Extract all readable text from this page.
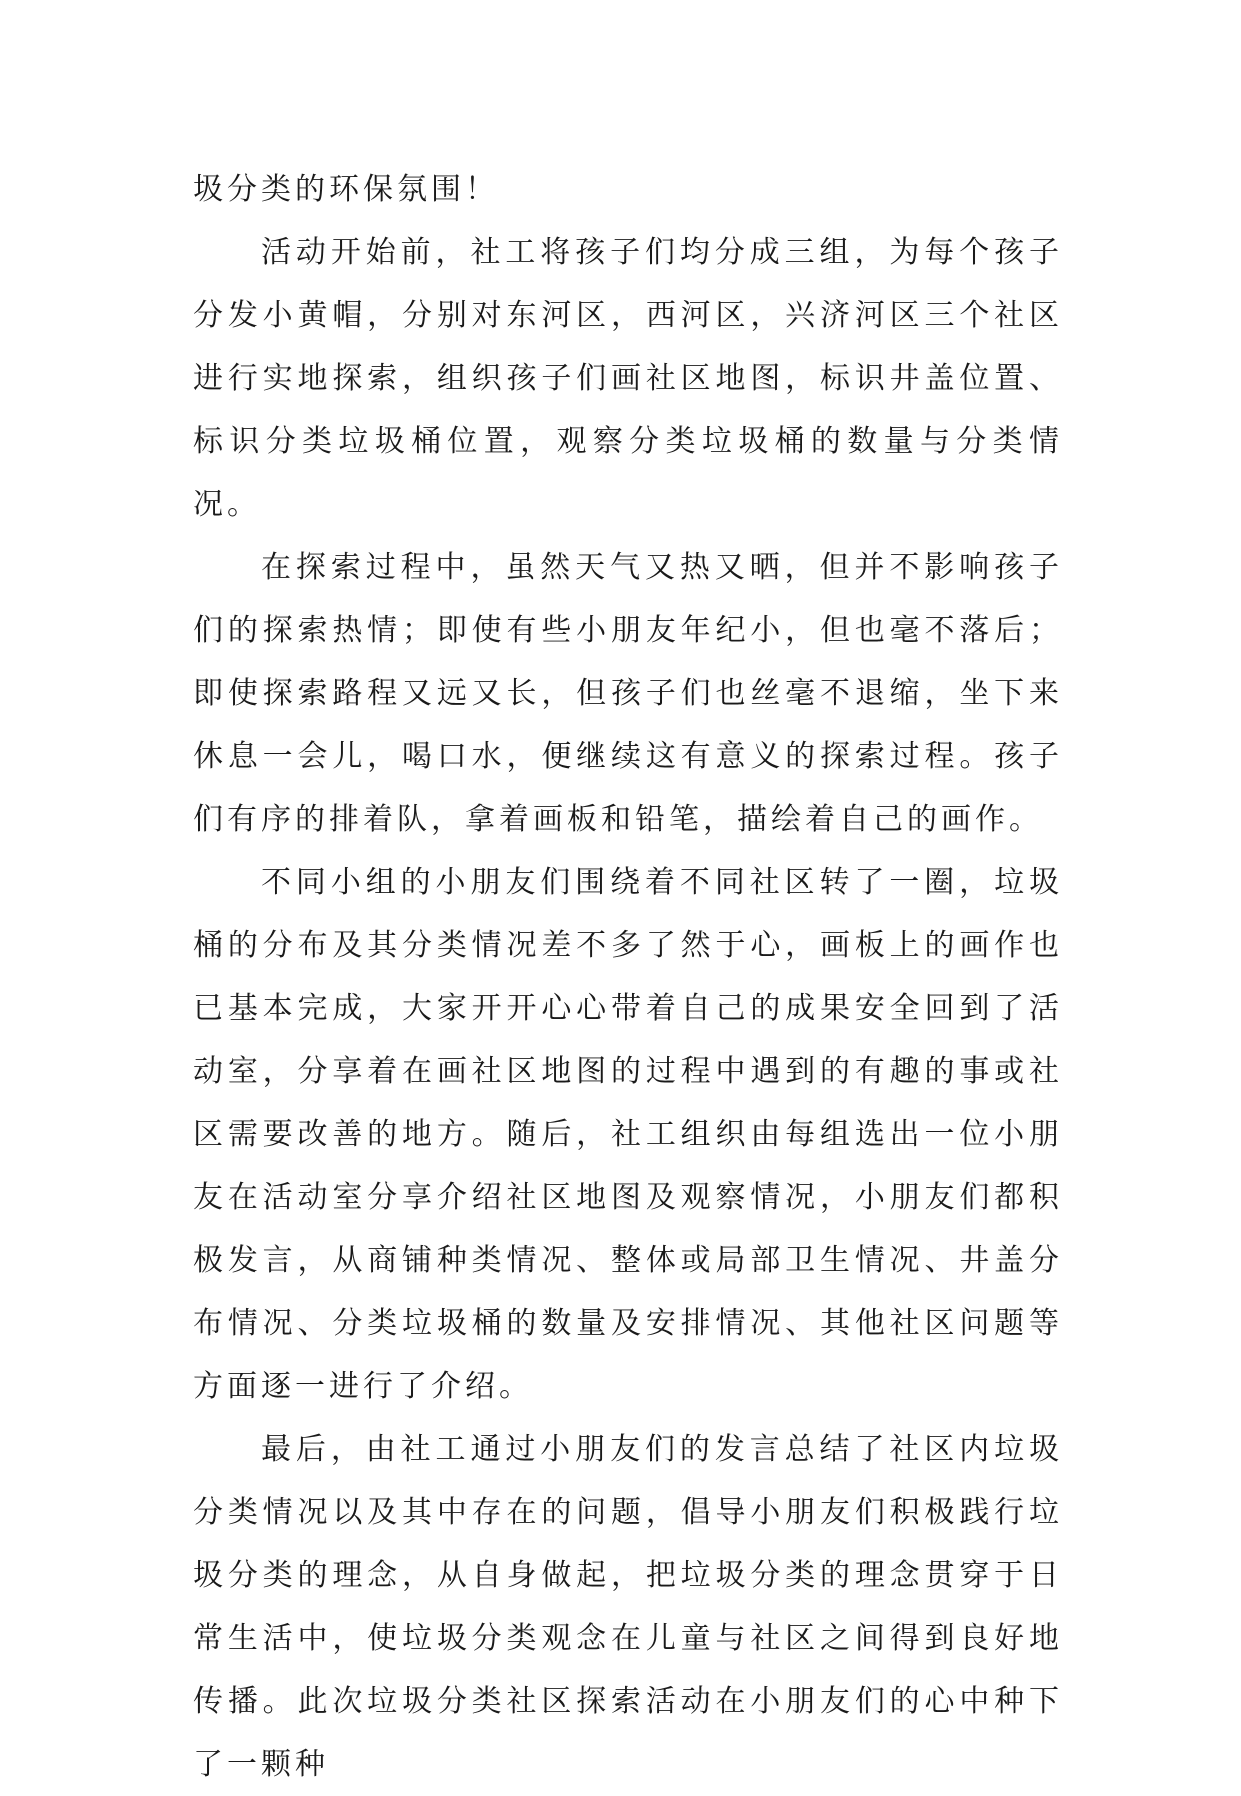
圾分类的环保氛围！

活动开始前，社工将孩子们均分成三组，为每个孩子分发小黄帽，分别对东河区，西河区，兴济河区三个社区进行实地探索，组织孩子们画社区地图，标识井盖位置、标识分类垃圾桶位置，观察分类垃圾桶的数量与分类情况。

在探索过程中，虽然天气又热又晒，但并不影响孩子们的探索热情；即使有些小朋友年纪小，但也毫不落后；即使探索路程又远又长，但孩子们也丝毫不退缩，坐下来休息一会儿，喝口水，便继续这有意义的探索过程。孩子们有序的排着队，拿着画板和铅笔，描绘着自己的画作。

不同小组的小朋友们围绕着不同社区转了一圈，垃圾桶的分布及其分类情况差不多了然于心，画板上的画作也已基本完成，大家开开心心带着自己的成果安全回到了活动室，分享着在画社区地图的过程中遇到的有趣的事或社区需要改善的地方。随后，社工组织由每组选出一位小朋友在活动室分享介绍社区地图及观察情况，小朋友们都积极发言，从商铺种类情况、整体或局部卫生情况、井盖分布情况、分类垃圾桶的数量及安排情况、其他社区问题等方面逐一进行了介绍。

最后，由社工通过小朋友们的发言总结了社区内垃圾分类情况以及其中存在的问题，倡导小朋友们积极践行垃圾分类的理念，从自身做起，把垃圾分类的理念贯穿于日常生活中，使垃圾分类观念在儿童与社区之间得到良好地传播。此次垃圾分类社区探索活动在小朋友们的心中种下了一颗种
